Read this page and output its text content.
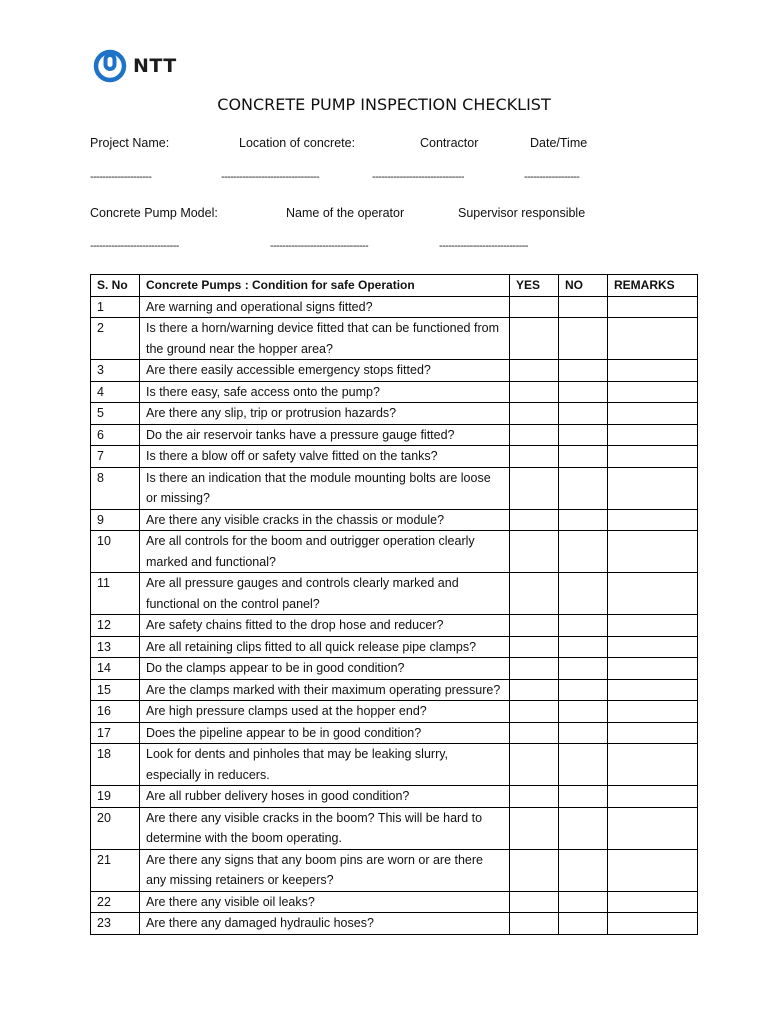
NTT
CONCRETE PUMP INSPECTION CHECKLIST
Project Name:	Location of concrete:	Contractor	Date/Time
--------------------	--------------------------------	------------------------------	------------------
Concrete Pump Model:	Name of the operator	Supervisor responsible
-----------------------------	--------------------------------	-----------------------------
S. No	Concrete Pumps : Condition for safe Operation	YES	NO	REMARKS
1	Are warning and operational signs fitted?			
2	Is there a horn/warning device fitted that can be functioned from the ground near the hopper area?			
3	Are there easily accessible emergency stops fitted?			
4	Is there easy, safe access onto the pump?			
5	Are there any slip, trip or protrusion hazards?			
6	Do the air reservoir tanks have a pressure gauge fitted?			
7	Is there a blow off or safety valve fitted on the tanks?			
8	Is there an indication that the module mounting bolts are loose or missing?			
9	Are there any visible cracks in the chassis or module?			
10	Are all controls for the boom and outrigger operation clearly marked and functional?			
11	Are all pressure gauges and controls clearly marked and functional on the control panel?			
12	Are safety chains fitted to the drop hose and reducer?			
13	Are all retaining clips fitted to all quick release pipe clamps?			
14	Do the clamps appear to be in good condition?			
15	Are the clamps marked with their maximum operating pressure?			
16	Are high pressure clamps used at the hopper end?			
17	Does the pipeline appear to be in good condition?			
18	Look for dents and pinholes that may be leaking slurry, especially in reducers.			
19	Are all rubber delivery hoses in good condition?			
20	Are there any visible cracks in the boom? This will be hard to determine with the boom operating.			
21	Are there any signs that any boom pins are worn or are there any missing retainers or keepers?			
22	Are there any visible oil leaks?			
23	Are there any damaged hydraulic hoses?			
